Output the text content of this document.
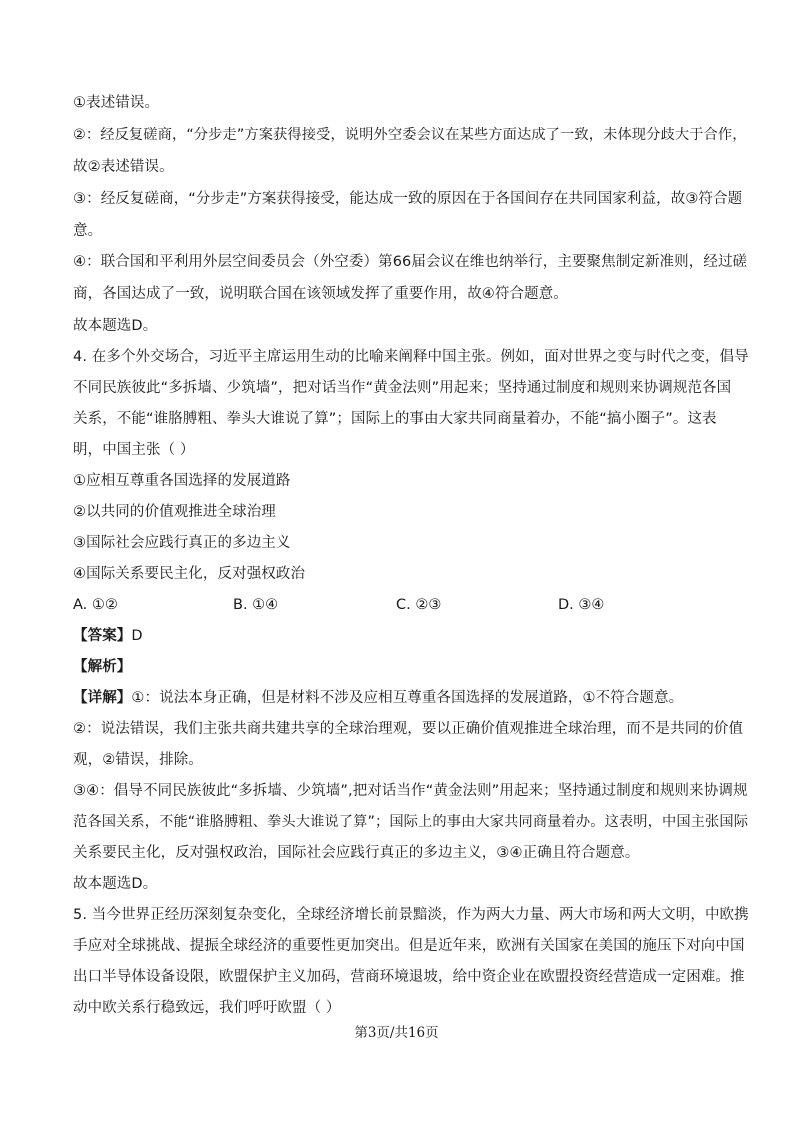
①表述错误。
②：经反复磋商，“分步走”方案获得接受，说明外空委会议在某些方面达成了一致，未体现分歧大于合作，
故②表述错误。
③：经反复磋商，“分步走”方案获得接受，能达成一致的原因在于各国间存在共同国家利益，故③符合题
意。
④：联合国和平利用外层空间委员会（外空委）第66届会议在维也纳举行，主要聚焦制定新准则，经过磋
商，各国达成了一致，说明联合国在该领域发挥了重要作用，故④符合题意。
故本题选D。
4. 在多个外交场合，习近平主席运用生动的比喻来阐释中国主张。例如，面对世界之变与时代之变，倡导
不同民族彼此“多拆墙、少筑墙”，把对话当作“黄金法则”用起来；坚持通过制度和规则来协调规范各国
关系，不能“谁胳膊粗、拳头大谁说了算”；国际上的事由大家共同商量着办，不能“搞小圈子”。这表
明，中国主张（ ）
①应相互尊重各国选择的发展道路
②以共同的价值观推进全球治理
③国际社会应践行真正的多边主义
④国际关系要民主化，反对强权政治
A. ①②	B. ①④	C. ②③	D. ③④
【答案】D
【解析】
【详解】①：说法本身正确，但是材料不涉及应相互尊重各国选择的发展道路，①不符合题意。
②：说法错误，我们主张共商共建共享的全球治理观，要以正确价值观推进全球治理，而不是共同的价值
观，②错误，排除。
③④：倡导不同民族彼此“多拆墙、少筑墙”,把对话当作“黄金法则”用起来；坚持通过制度和规则来协调规
范各国关系，不能“谁胳膊粗、拳头大谁说了算”；国际上的事由大家共同商量着办。这表明，中国主张国际
关系要民主化，反对强权政治，国际社会应践行真正的多边主义，③④正确且符合题意。
故本题选D。
5. 当今世界正经历深刻复杂变化，全球经济增长前景黯淡，作为两大力量、两大市场和两大文明，中欧携
手应对全球挑战、提振全球经济的重要性更加突出。但是近年来，欧洲有关国家在美国的施压下对向中国
出口半导体设备设限，欧盟保护主义加码，营商环境退坡，给中资企业在欧盟投资经营造成一定困难。推
动中欧关系行稳致远，我们呼吁欧盟（ ）
第3页/共16页
